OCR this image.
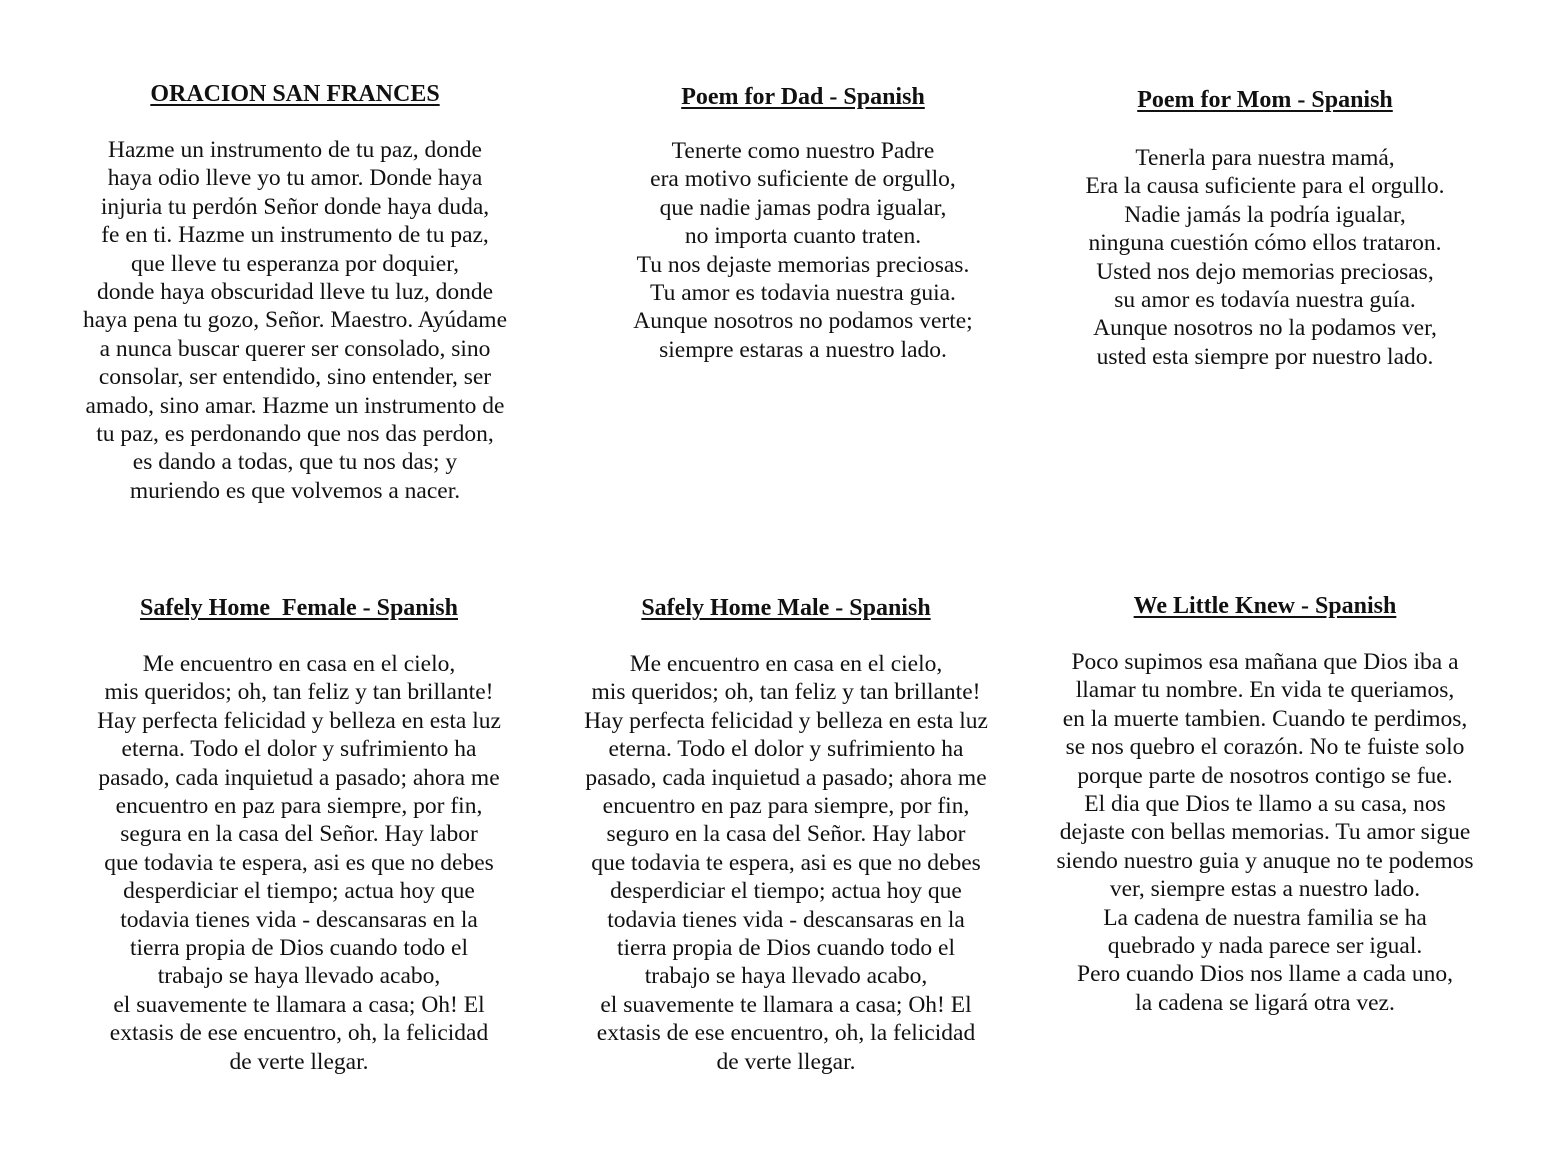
ORACION SAN FRANCES

Hazme un instrumento de tu paz, donde
haya odio lleve yo tu amor. Donde haya
injuria tu perdón Señor donde haya duda,
fe en ti. Hazme un instrumento de tu paz,
que lleve tu esperanza por doquier,
donde haya obscuridad lleve tu luz, donde
haya pena tu gozo, Señor. Maestro. Ayúdame
a nunca buscar querer ser consolado, sino
consolar, ser entendido, sino entender, ser
amado, sino amar. Hazme un instrumento de
tu paz, es perdonando que nos das perdon,
es dando a todas, que tu nos das; y
muriendo es que volvemos a nacer.

Poem for Dad - Spanish

Tenerte como nuestro Padre
era motivo suficiente de orgullo,
que nadie jamas podra igualar,
no importa cuanto traten.
Tu nos dejaste memorias preciosas.
Tu amor es todavia nuestra guia.
Aunque nosotros no podamos verte;
siempre estaras a nuestro lado.

Poem for Mom - Spanish

Tenerla para nuestra mamá,
Era la causa suficiente para el orgullo.
Nadie jamás la podría igualar,
ninguna cuestión cómo ellos trataron.
Usted nos dejo memorias preciosas,
su amor es todavía nuestra guía.
Aunque nosotros no la podamos ver,
usted esta siempre por nuestro lado.

Safely Home  Female - Spanish

Me encuentro en casa en el cielo,
mis queridos; oh, tan feliz y tan brillante!
Hay perfecta felicidad y belleza en esta luz
eterna. Todo el dolor y sufrimiento ha
pasado, cada inquietud a pasado; ahora me
encuentro en paz para siempre, por fin,
segura en la casa del Señor. Hay labor
que todavia te espera, asi es que no debes
desperdiciar el tiempo; actua hoy que
todavia tienes vida - descansaras en la
tierra propia de Dios cuando todo el
trabajo se haya llevado acabo,
el suavemente te llamara a casa; Oh! El
extasis de ese encuentro, oh, la felicidad
de verte llegar.

Safely Home Male - Spanish

Me encuentro en casa en el cielo,
mis queridos; oh, tan feliz y tan brillante!
Hay perfecta felicidad y belleza en esta luz
eterna. Todo el dolor y sufrimiento ha
pasado, cada inquietud a pasado; ahora me
encuentro en paz para siempre, por fin,
seguro en la casa del Señor. Hay labor
que todavia te espera, asi es que no debes
desperdiciar el tiempo; actua hoy que
todavia tienes vida - descansaras en la
tierra propia de Dios cuando todo el
trabajo se haya llevado acabo,
el suavemente te llamara a casa; Oh! El
extasis de ese encuentro, oh, la felicidad
de verte llegar.

We Little Knew - Spanish

Poco supimos esa mañana que Dios iba a
llamar tu nombre. En vida te queriamos,
en la muerte tambien. Cuando te perdimos,
se nos quebro el corazón. No te fuiste solo
porque parte de nosotros contigo se fue.
El dia que Dios te llamo a su casa, nos
dejaste con bellas memorias. Tu amor sigue
siendo nuestro guia y anuque no te podemos
ver, siempre estas a nuestro lado.
La cadena de nuestra familia se ha
quebrado y nada parece ser igual.
Pero cuando Dios nos llame a cada uno,
la cadena se ligará otra vez.
